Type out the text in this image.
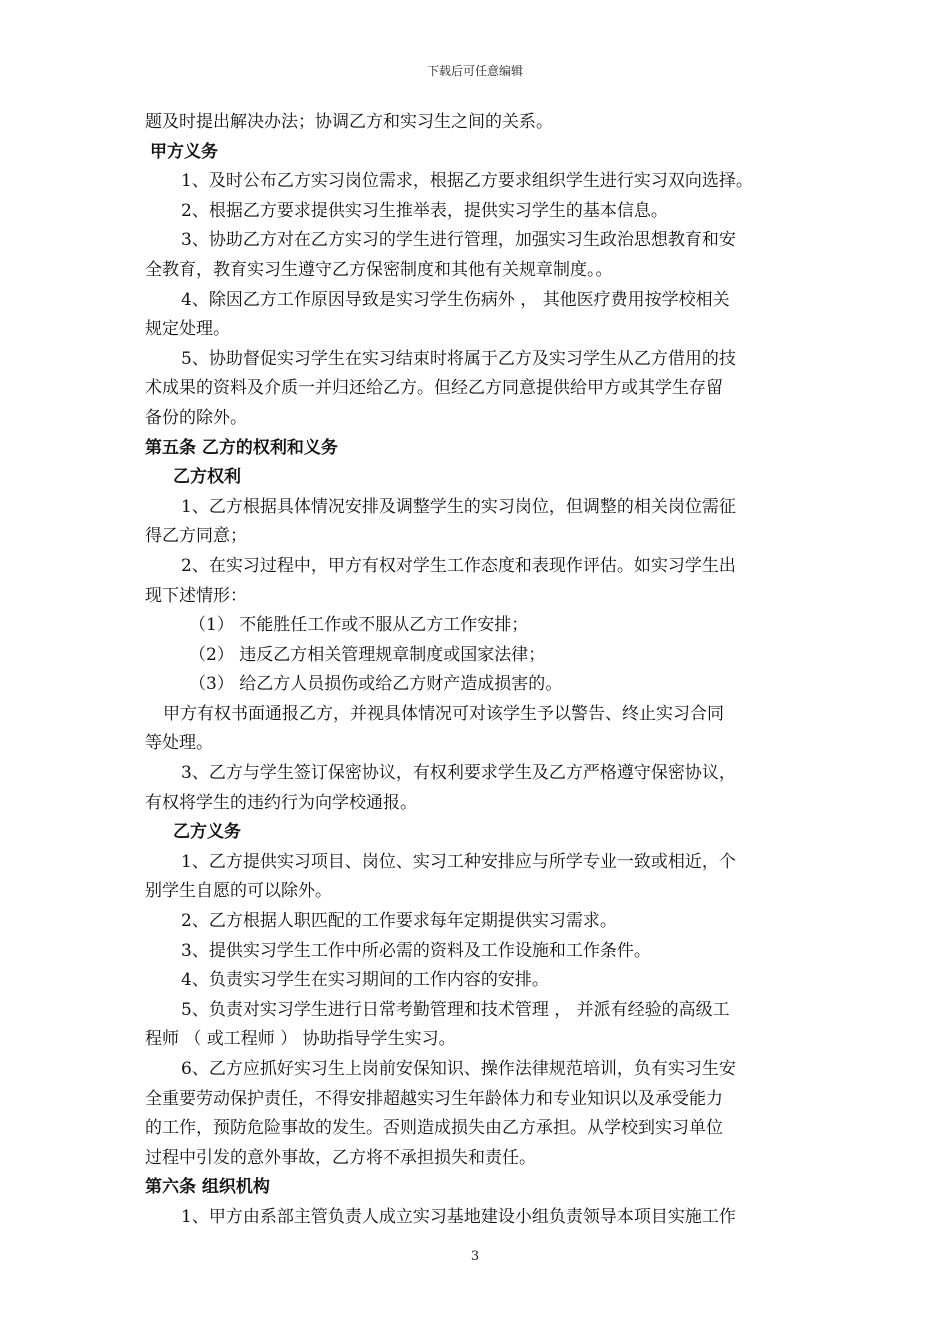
下载后可任意编辑
题及时提出解决办法；协调乙方和实习生之间的关系。
甲方义务
1、及时公布乙方实习岗位需求，根据乙方要求组织学生进行实习双向选择。
2、根据乙方要求提供实习生推举表，提供实习学生的基本信息。
3、协助乙方对在乙方实习的学生进行管理，加强实习生政治思想教育和安
全教育，教育实习生遵守乙方保密制度和其他有关规章制度。。
4、除因乙方工作原因导致是实习学生伤病外 ， 其他医疗费用按学校相关
规定处理。
5、协助督促实习学生在实习结束时将属于乙方及实习学生从乙方借用的技
术成果的资料及介质一并归还给乙方。但经乙方同意提供给甲方或其学生存留
备份的除外。
第五条 乙方的权利和义务
乙方权利
1、乙方根据具体情况安排及调整学生的实习岗位，但调整的相关岗位需征
得乙方同意；
2、在实习过程中，甲方有权对学生工作态度和表现作评估。如实习学生出
现下述情形：
（1） 不能胜任工作或不服从乙方工作安排；
（2） 违反乙方相关管理规章制度或国家法律；
（3） 给乙方人员损伤或给乙方财产造成损害的。
甲方有权书面通报乙方，并视具体情况可对该学生予以警告、终止实习合同
等处理。
3、乙方与学生签订保密协议，有权利要求学生及乙方严格遵守保密协议，
有权将学生的违约行为向学校通报。
乙方义务
1、乙方提供实习项目、岗位、实习工种安排应与所学专业一致或相近，个
别学生自愿的可以除外。
2、乙方根据人职匹配的工作要求每年定期提供实习需求。
3、提供实习学生工作中所必需的资料及工作设施和工作条件。
4、负责实习学生在实习期间的工作内容的安排。
5、负责对实习学生进行日常考勤管理和技术管理 ， 并派有经验的高级工
程师 （ 或工程师 ） 协助指导学生实习。
6、乙方应抓好实习生上岗前安保知识、操作法律规范培训，负有实习生安
全重要劳动保护责任，不得安排超越实习生年龄体力和专业知识以及承受能力
的工作，预防危险事故的发生。否则造成损失由乙方承担。从学校到实习单位
过程中引发的意外事故，乙方将不承担损失和责任。
第六条 组织机构
1、甲方由系部主管负责人成立实习基地建设小组负责领导本项目实施工作
3
